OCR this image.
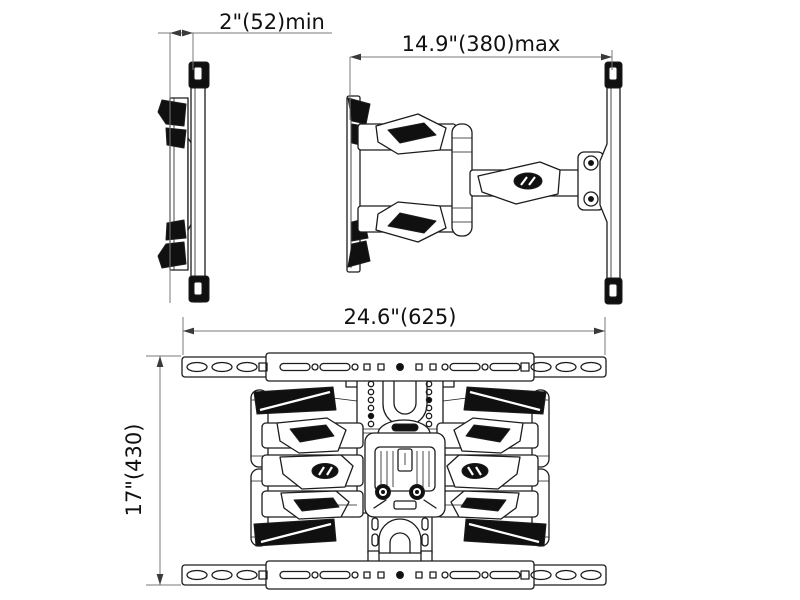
2"(52)min
14.9"(380)max
24.6"(625)
17"(430)
